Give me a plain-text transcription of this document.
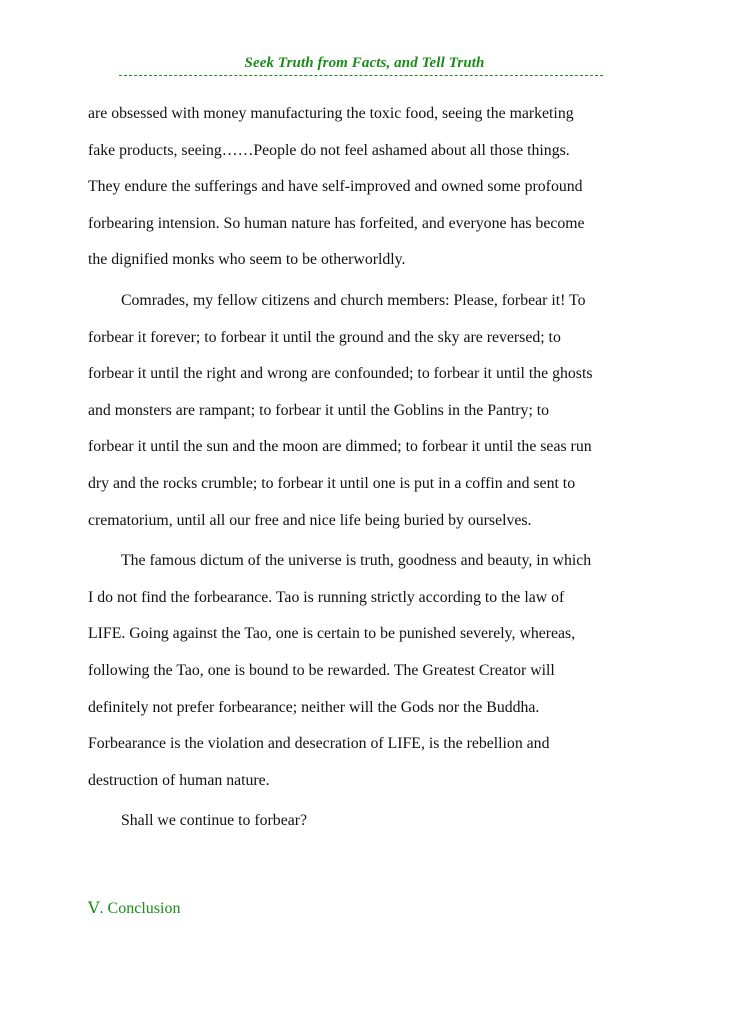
Seek Truth from Facts, and Tell Truth

are obsessed with money manufacturing the toxic food, seeing the marketing
fake products, seeing……People do not feel ashamed about all those things.
They endure the sufferings and have self-improved and owned some profound
forbearing intension. So human nature has forfeited, and everyone has become
the dignified monks who seem to be otherworldly.

Comrades, my fellow citizens and church members: Please, forbear it! To
forbear it forever; to forbear it until the ground and the sky are reversed; to
forbear it until the right and wrong are confounded; to forbear it until the ghosts
and monsters are rampant; to forbear it until the Goblins in the Pantry; to
forbear it until the sun and the moon are dimmed; to forbear it until the seas run
dry and the rocks crumble; to forbear it until one is put in a coffin and sent to
crematorium, until all our free and nice life being buried by ourselves.

The famous dictum of the universe is truth, goodness and beauty, in which
I do not find the forbearance. Tao is running strictly according to the law of
LIFE. Going against the Tao, one is certain to be punished severely, whereas,
following the Tao, one is bound to be rewarded. The Greatest Creator will
definitely not prefer forbearance; neither will the Gods nor the Buddha.
Forbearance is the violation and desecration of LIFE, is the rebellion and
destruction of human nature.

Shall we continue to forbear?

Ⅴ. Conclusion
